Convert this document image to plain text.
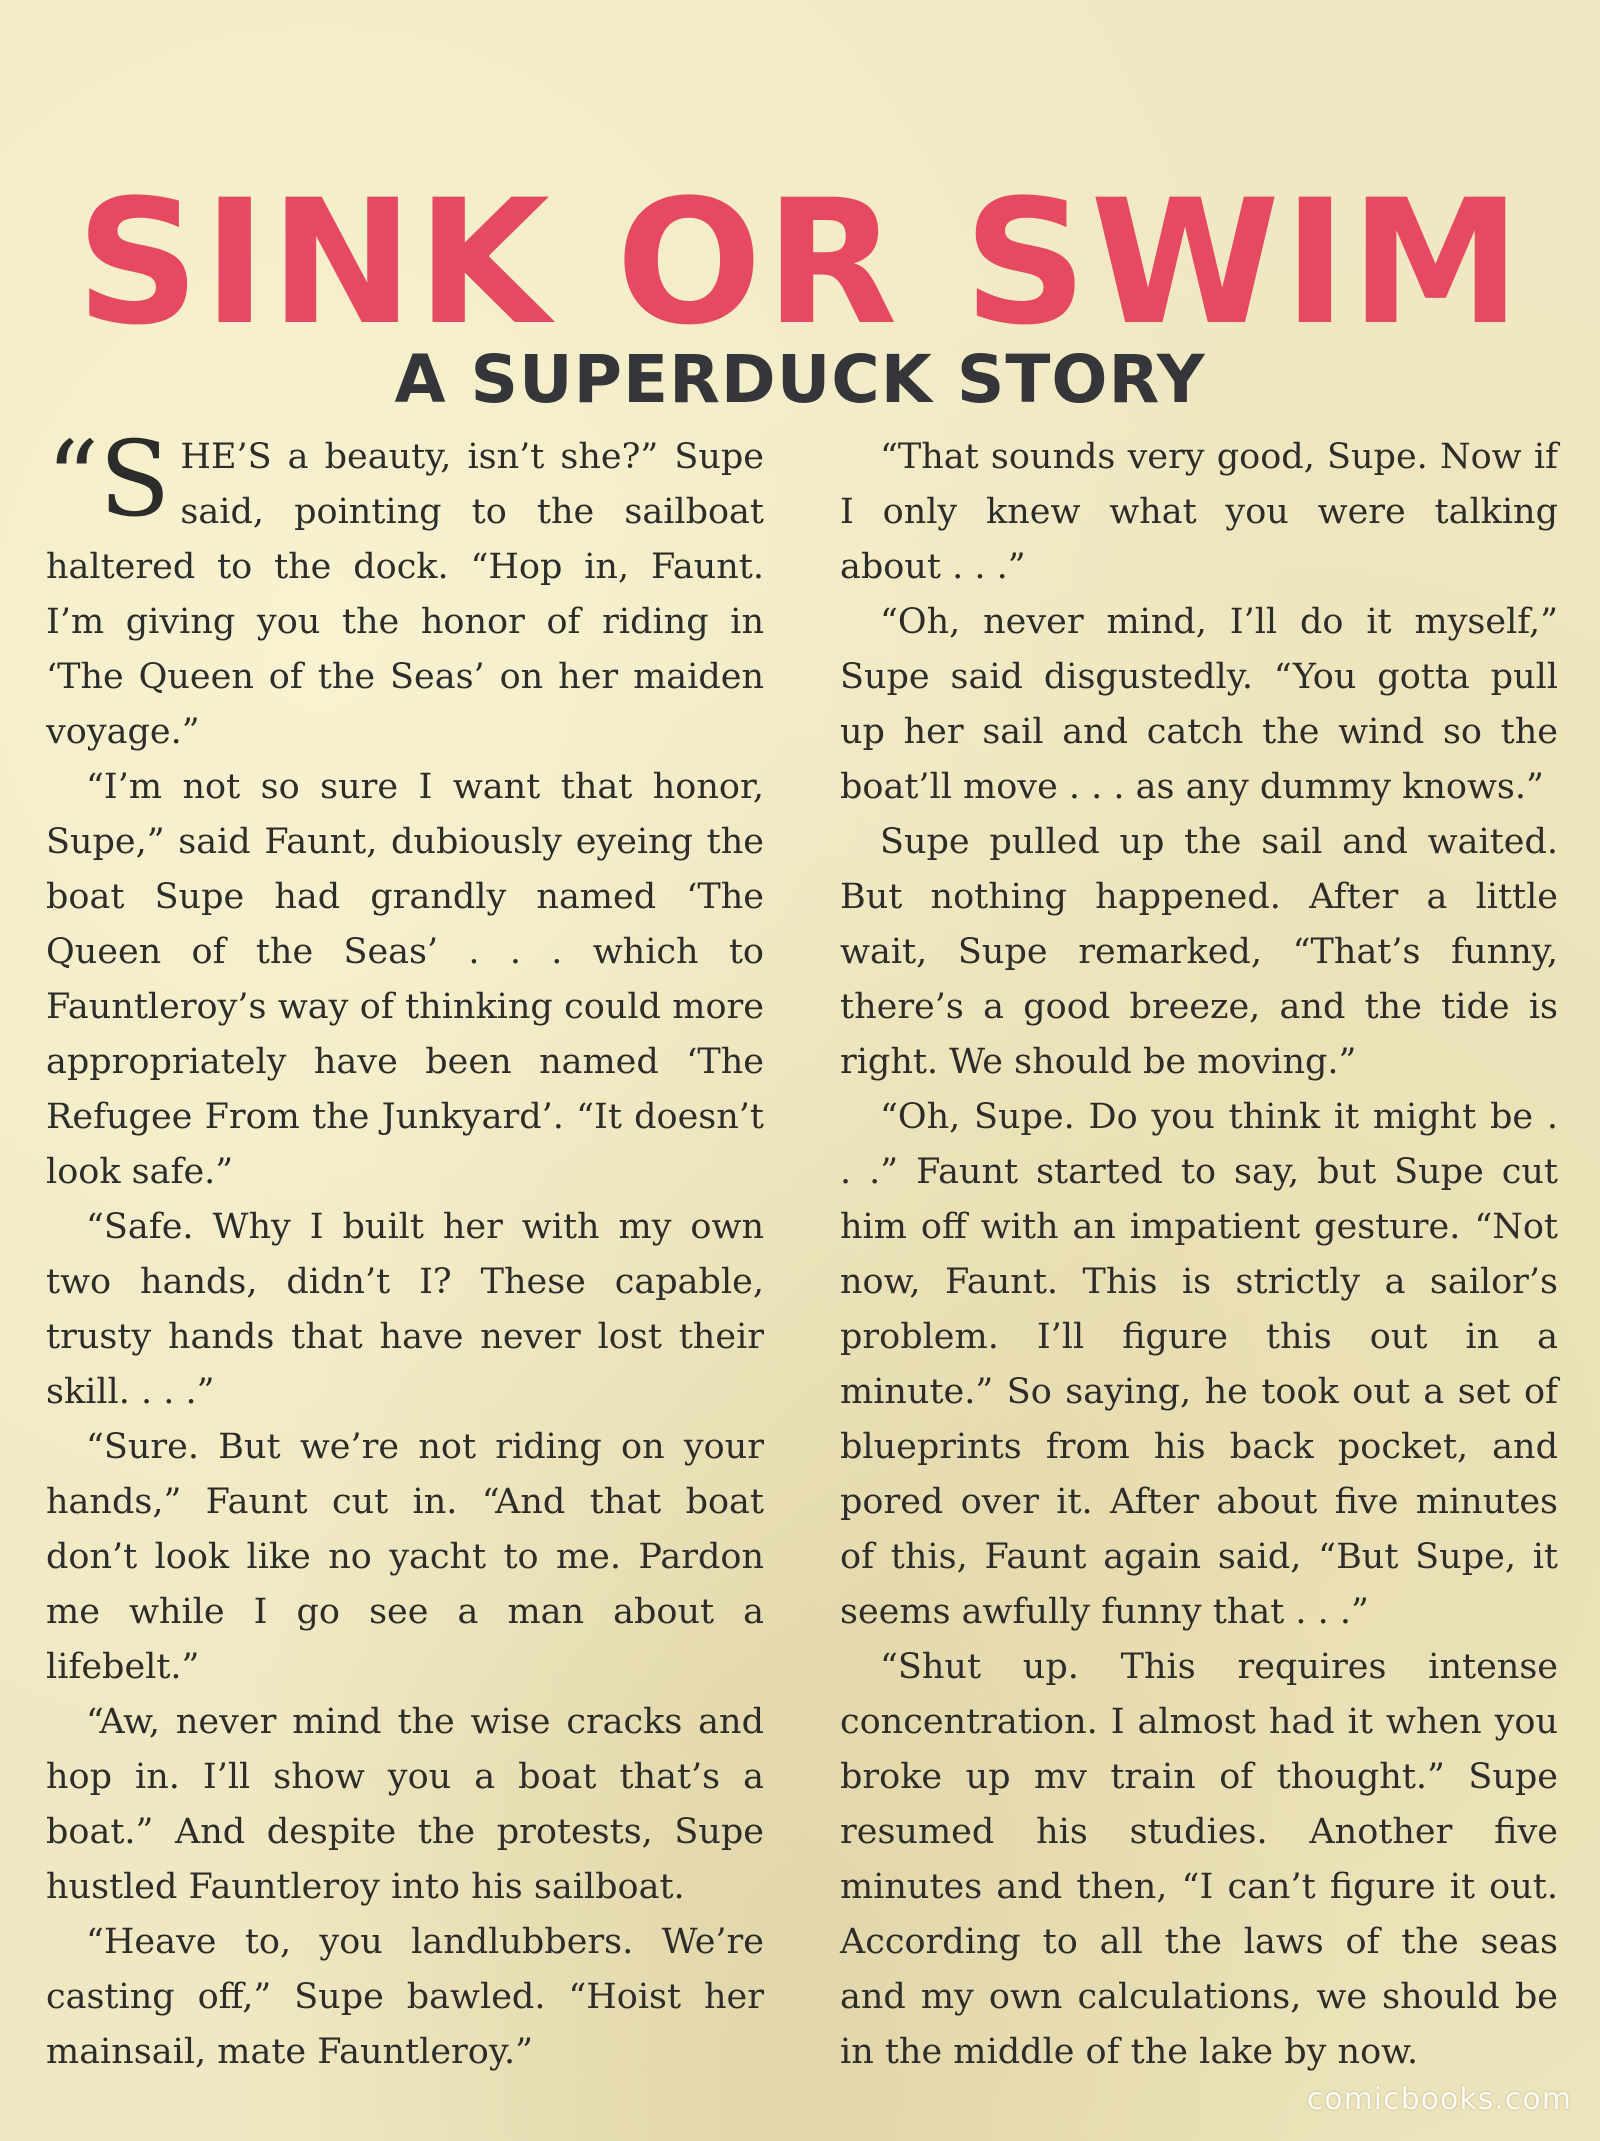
SINK OR SWIM
A SUPERDUCK STORY

“SHE’S a beauty, isn’t she?” Supe said, pointing to the sailboat haltered to the dock. “Hop in, Faunt. I’m giving you the honor of riding in ‘The Queen of the Seas’ on her maiden voyage.”

“I’m not so sure I want that honor, Supe,” said Faunt, dubiously eyeing the boat Supe had grandly named ‘The Queen of the Seas’ . . . which to Fauntleroy’s way of thinking could more appropriately have been named ‘The Refugee From the Junkyard’. “It doesn’t look safe.”

“Safe. Why I built her with my own two hands, didn’t I? These capable, trusty hands that have never lost their skill. . . .”

“Sure. But we’re not riding on your hands,” Faunt cut in. “And that boat don’t look like no yacht to me. Pardon me while I go see a man about a lifebelt.”

“Aw, never mind the wise cracks and hop in. I’ll show you a boat that’s a boat.” And despite the protests, Supe hustled Fauntleroy into his sailboat.

“Heave to, you landlubbers. We’re casting off,” Supe bawled. “Hoist her mainsail, mate Fauntleroy.”

“That sounds very good, Supe. Now if I only knew what you were talking about . . .”

“Oh, never mind, I’ll do it myself,” Supe said disgustedly. “You gotta pull up her sail and catch the wind so the boat’ll move . . . as any dummy knows.”

Supe pulled up the sail and waited. But nothing happened. After a little wait, Supe remarked, “That’s funny, there’s a good breeze, and the tide is right. We should be moving.”

“Oh, Supe. Do you think it might be . . .” Faunt started to say, but Supe cut him off with an impatient gesture. “Not now, Faunt. This is strictly a sailor’s problem. I’ll figure this out in a minute.” So saying, he took out a set of blueprints from his back pocket, and pored over it. After about five minutes of this, Faunt again said, “But Supe, it seems awfully funny that . . .”

“Shut up. This requires intense concentration. I almost had it when you broke up mv train of thought.” Supe resumed his studies. Another five minutes and then, “I can’t figure it out. According to all the laws of the seas and my own calculations, we should be in the middle of the lake by now.

comicbooks.com
